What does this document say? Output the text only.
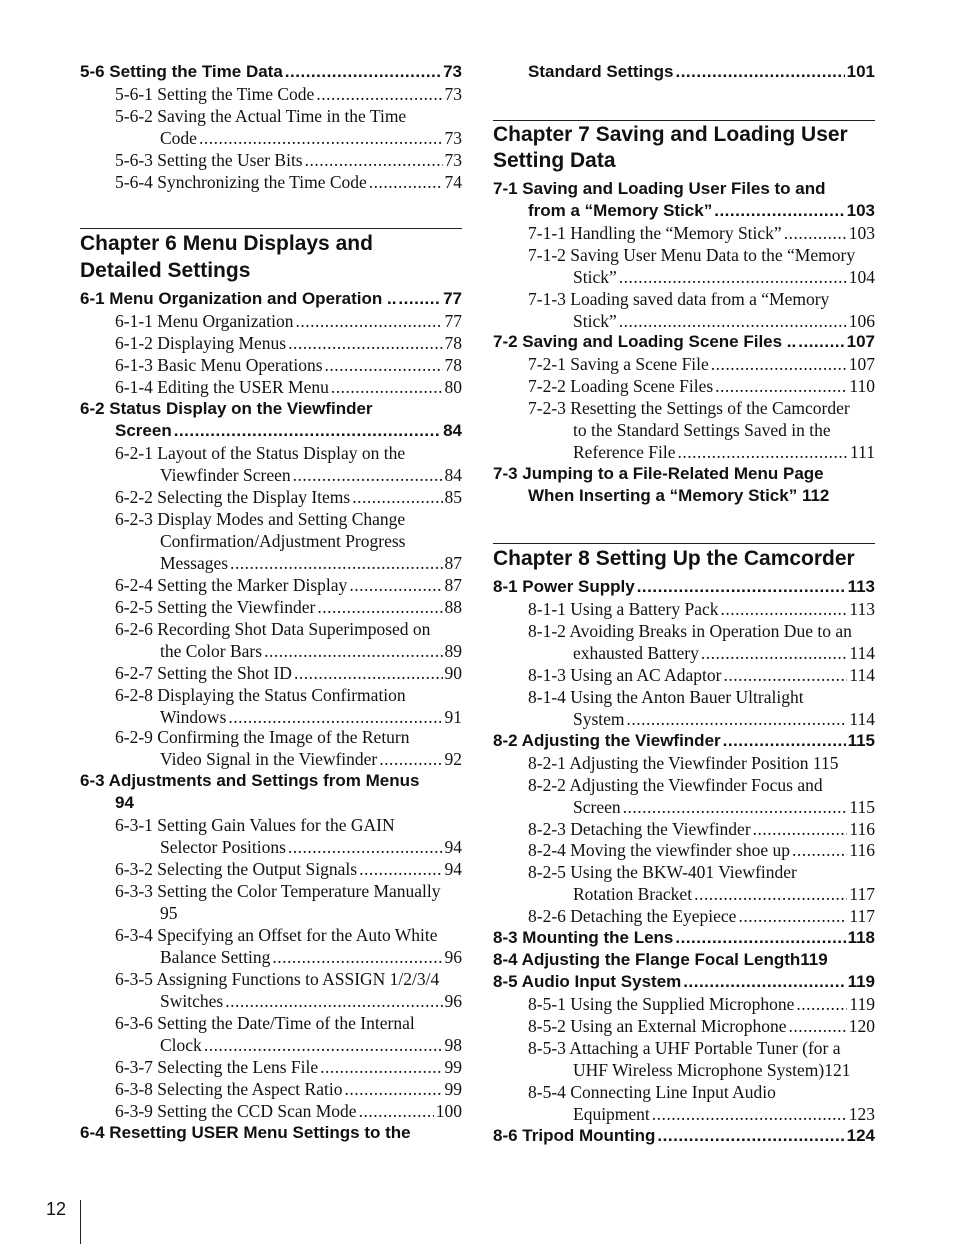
5-6 Setting the Time Data .....	73
5-6-1 Setting the Time Code .....	73
5-6-2 Saving the Actual Time in the Time
Code .....	73
5-6-3 Setting the User Bits .....	73
5-6-4 Synchronizing the Time Code .....	74
Chapter 6 Menu Displays and
Detailed Settings
6-1 Menu Organization and Operation .. .....	77
6-1-1 Menu Organization .....	77
6-1-2 Displaying Menus .....	78
6-1-3 Basic Menu Operations .....	78
6-1-4 Editing the USER Menu .....	80
6-2 Status Display on the Viewfinder
Screen .....	84
6-2-1 Layout of the Status Display on the
Viewfinder Screen .....	84
6-2-2 Selecting the Display Items .....	85
6-2-3 Display Modes and Setting Change
Confirmation/Adjustment Progress
Messages .....	87
6-2-4 Setting the Marker Display .....	87
6-2-5 Setting the Viewfinder .....	88
6-2-6 Recording Shot Data Superimposed on
the Color Bars .....	89
6-2-7 Setting the Shot ID .....	90
6-2-8 Displaying the Status Confirmation
Windows .....	91
6-2-9 Confirming the Image of the Return
Video Signal in the Viewfinder .....	92
6-3 Adjustments and Settings from Menus
94
6-3-1 Setting Gain Values for the GAIN
Selector Positions .....	94
6-3-2 Selecting the Output Signals .....	94
6-3-3 Setting the Color Temperature Manually
95
6-3-4 Specifying an Offset for the Auto White
Balance Setting .....	96
6-3-5 Assigning Functions to ASSIGN 1/2/3/4
Switches .....	96
6-3-6 Setting the Date/Time of the Internal
Clock .....	98
6-3-7 Selecting the Lens File .....	99
6-3-8 Selecting the Aspect Ratio .....	99
6-3-9 Setting the CCD Scan Mode .....	100
6-4 Resetting USER Menu Settings to the
Standard Settings .....	101
Chapter 7 Saving and Loading User
Setting Data
7-1 Saving and Loading User Files to and
from a “Memory Stick” .....	103
7-1-1 Handling the “Memory Stick” .....	103
7-1-2 Saving User Menu Data to the “Memory
Stick” .....	104
7-1-3 Loading saved data from a “Memory
Stick” .....	106
7-2 Saving and Loading Scene Files .. .....	107
7-2-1 Saving a Scene File .....	107
7-2-2 Loading Scene Files .....	110
7-2-3 Resetting the Settings of the Camcorder
to the Standard Settings Saved in the
Reference File .....	111
7-3 Jumping to a File-Related Menu Page
When Inserting a “Memory Stick” 112
Chapter 8 Setting Up the Camcorder
8-1 Power Supply .....	113
8-1-1 Using a Battery Pack .....	113
8-1-2 Avoiding Breaks in Operation Due to an
exhausted Battery .....	114
8-1-3 Using an AC Adaptor .....	114
8-1-4 Using the Anton Bauer Ultralight
System .....	114
8-2 Adjusting the Viewfinder .....	115
8-2-1 Adjusting the Viewfinder Position 115
8-2-2 Adjusting the Viewfinder Focus and
Screen .....	115
8-2-3 Detaching the Viewfinder .....	116
8-2-4 Moving the viewfinder shoe up .....	116
8-2-5 Using the BKW-401 Viewfinder
Rotation Bracket .....	117
8-2-6 Detaching the Eyepiece .....	117
8-3 Mounting the Lens .....	118
8-4 Adjusting the Flange Focal Length119
8-5 Audio Input System .....	119
8-5-1 Using the Supplied Microphone .....	119
8-5-2 Using an External Microphone .....	120
8-5-3 Attaching a UHF Portable Tuner (for a
UHF Wireless Microphone System)121
8-5-4 Connecting Line Input Audio
Equipment .....	123
8-6 Tripod Mounting .....	124
12
